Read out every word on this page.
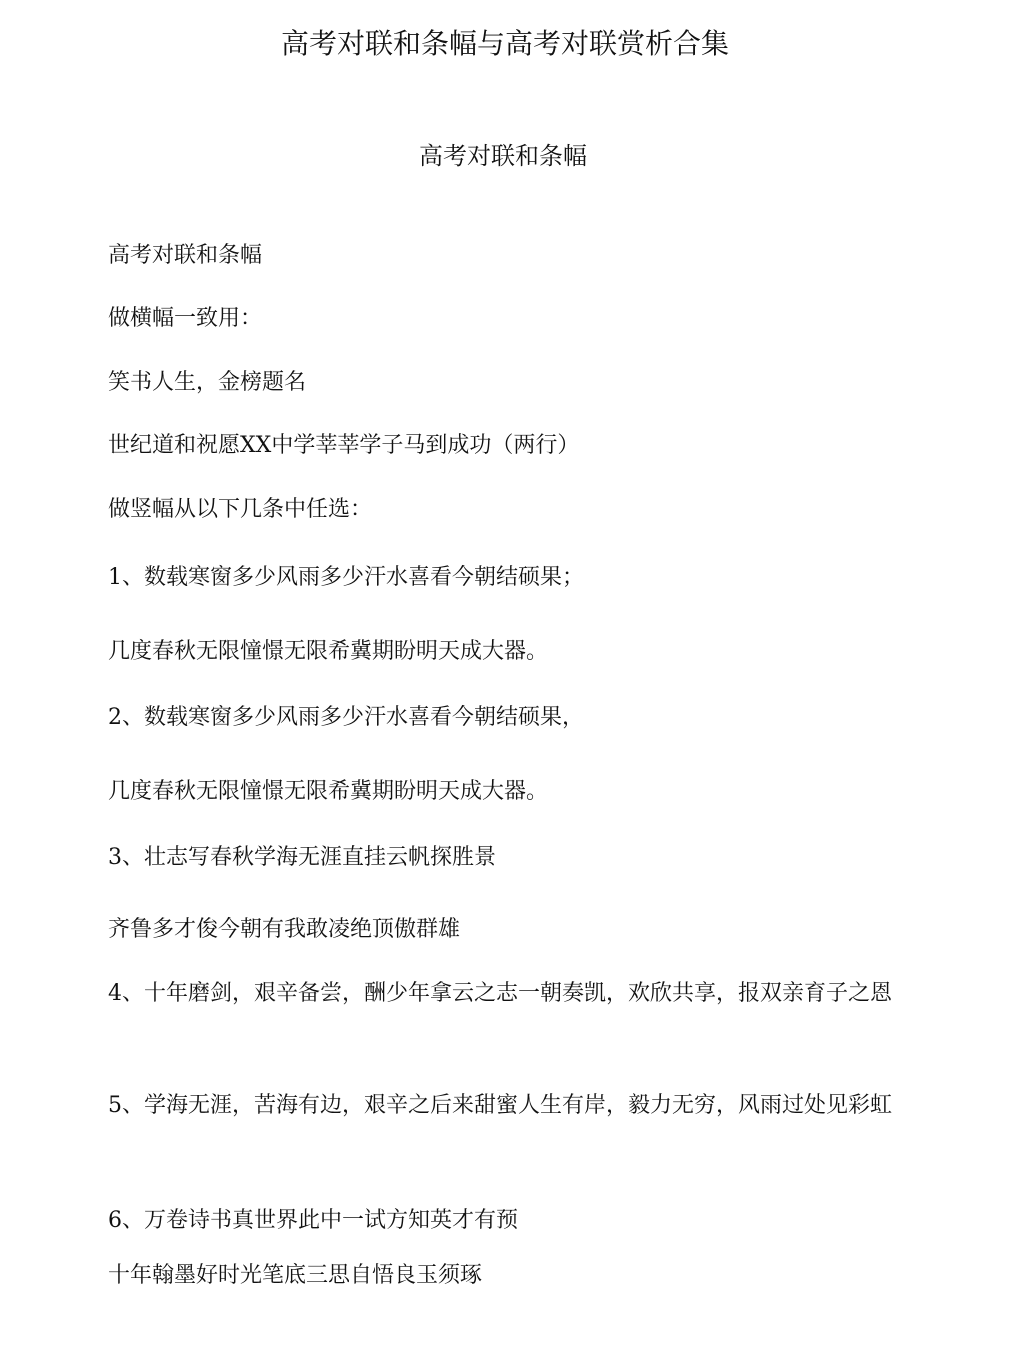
高考对联和条幅与高考对联赏析合集
高考对联和条幅

高考对联和条幅

做横幅一致用：

笑书人生，金榜题名

世纪道和祝愿XX中学莘莘学子马到成功（两行）

做竖幅从以下几条中任选：

1、数载寒窗多少风雨多少汗水喜看今朝结硕果；

几度春秋无限憧憬无限希冀期盼明天成大器。

2、数载寒窗多少风雨多少汗水喜看今朝结硕果，

几度春秋无限憧憬无限希冀期盼明天成大器。

3、壮志写春秋学海无涯直挂云帆探胜景

齐鲁多才俊今朝有我敢凌绝顶傲群雄

4、十年磨剑，艰辛备尝，酬少年拿云之志一朝奏凯，欢欣共享，报双亲育子之恩

5、学海无涯，苦海有边，艰辛之后来甜蜜人生有岸，毅力无穷，风雨过处见彩虹

6、万卷诗书真世界此中一试方知英才有预

十年翰墨好时光笔底三思自悟良玉须琢
